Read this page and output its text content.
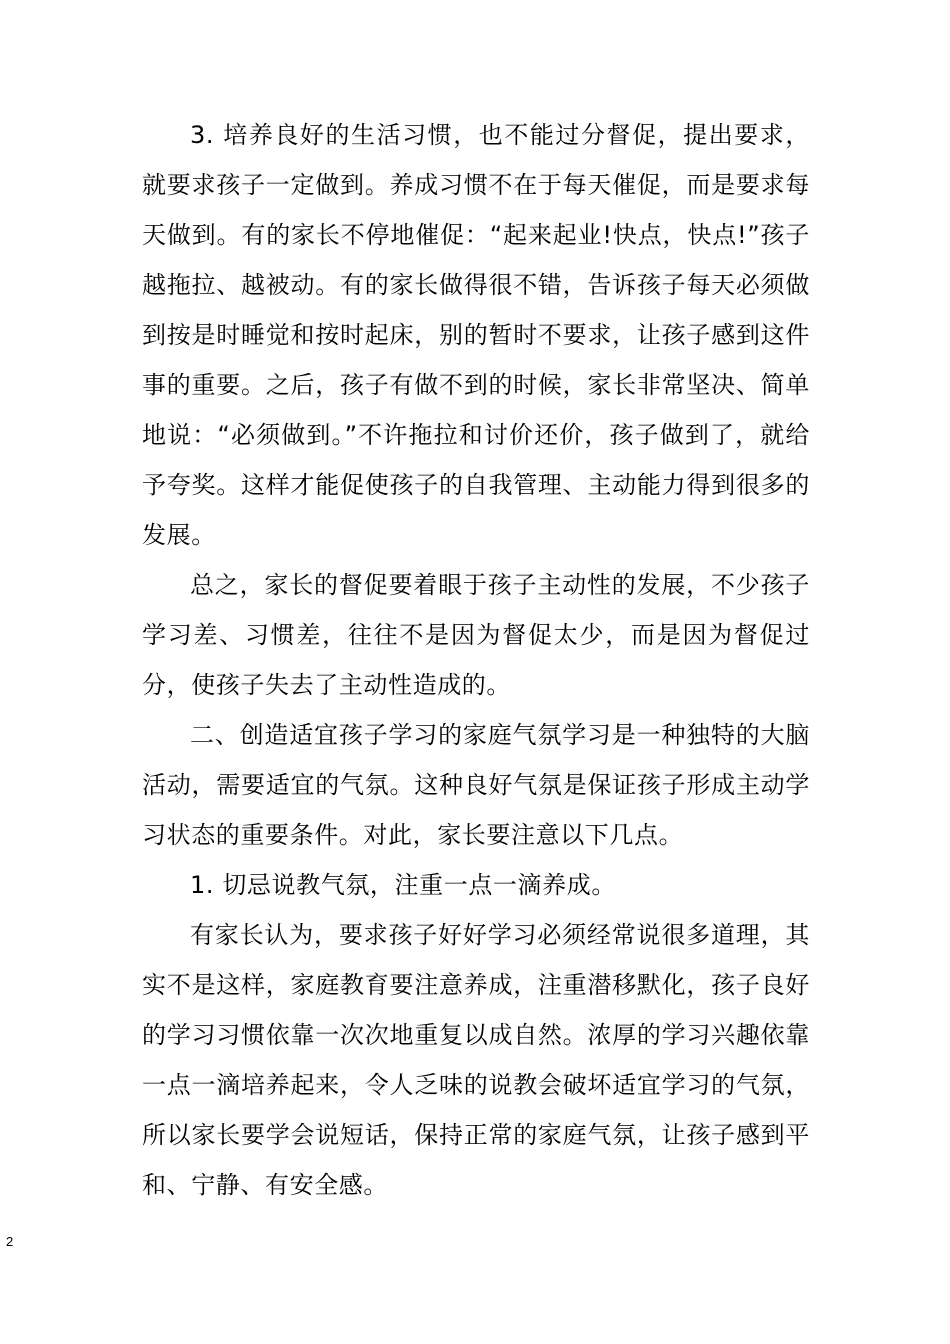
3. 培养良好的生活习惯，也不能过分督促，提出要求，就要求孩子一定做到。养成习惯不在于每天催促，而是要求每天做到。有的家长不停地催促：“起来起业!快点，快点!”孩子越拖拉、越被动。有的家长做得很不错，告诉孩子每天必须做到按是时睡觉和按时起床，别的暂时不要求，让孩子感到这件事的重要。之后，孩子有做不到的时候，家长非常坚决、简单地说：“必须做到。”不许拖拉和讨价还价，孩子做到了，就给予夸奖。这样才能促使孩子的自我管理、主动能力得到很多的发展。

总之，家长的督促要着眼于孩子主动性的发展，不少孩子学习差、习惯差，往往不是因为督促太少，而是因为督促过分，使孩子失去了主动性造成的。

二、创造适宜孩子学习的家庭气氛学习是一种独特的大脑活动，需要适宜的气氛。这种良好气氛是保证孩子形成主动学习状态的重要条件。对此，家长要注意以下几点。

1. 切忌说教气氛，注重一点一滴养成。

有家长认为，要求孩子好好学习必须经常说很多道理，其实不是这样，家庭教育要注意养成，注重潜移默化，孩子良好的学习习惯依靠一次次地重复以成自然。浓厚的学习兴趣依靠一点一滴培养起来，令人乏味的说教会破坏适宜学习的气氛，所以家长要学会说短话，保持正常的家庭气氛，让孩子感到平和、宁静、有安全感。

2
